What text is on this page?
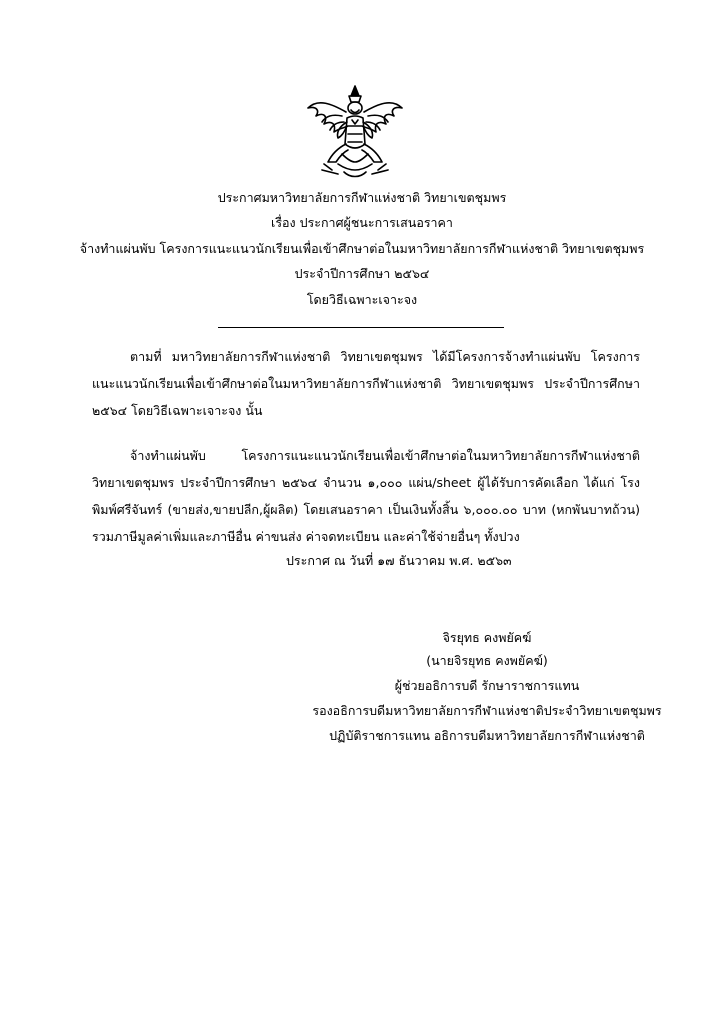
ประกาศมหาวิทยาลัยการกีฬาแห่งชาติ วิทยาเขตชุมพร
เรื่อง ประกาศผู้ชนะการเสนอราคา
จ้างทำแผ่นพับ โครงการแนะแนวนักเรียนเพื่อเข้าศึกษาต่อในมหาวิทยาลัยการกีฬาแห่งชาติ วิทยาเขตชุมพร
ประจำปีการศึกษา ๒๕๖๔
โดยวิธีเฉพาะเจาะจง

ตามที่ มหาวิทยาลัยการกีฬาแห่งชาติ วิทยาเขตชุมพร ได้มีโครงการจ้างทำแผ่นพับ โครงการแนะแนวนักเรียนเพื่อเข้าศึกษาต่อในมหาวิทยาลัยการกีฬาแห่งชาติ วิทยาเขตชุมพร ประจำปีการศึกษา ๒๕๖๔ โดยวิธีเฉพาะเจาะจง นั้น

จ้างทำแผ่นพับ โครงการแนะแนวนักเรียนเพื่อเข้าศึกษาต่อในมหาวิทยาลัยการกีฬาแห่งชาติ วิทยาเขตชุมพร ประจำปีการศึกษา ๒๕๖๔ จำนวน ๑,๐๐๐ แผ่น/sheet ผู้ได้รับการคัดเลือก ได้แก่ โรงพิมพ์ศรีจันทร์ (ขายส่ง,ขายปลีก,ผู้ผลิต) โดยเสนอราคา เป็นเงินทั้งสิ้น ๖,๐๐๐.๐๐ บาท (หกพันบาทถ้วน) รวมภาษีมูลค่าเพิ่มและภาษีอื่น ค่าขนส่ง ค่าจดทะเบียน และค่าใช้จ่ายอื่นๆ ทั้งปวง

ประกาศ ณ วันที่ ๑๗ ธันวาคม พ.ศ. ๒๕๖๓
จิรยุทธ คงพยัคฆ์
(นายจิรยุทธ คงพยัคฆ์)
ผู้ช่วยอธิการบดี รักษาราชการแทน
รองอธิการบดีมหาวิทยาลัยการกีฬาแห่งชาติประจำวิทยาเขตชุมพร
ปฏิบัติราชการแทน อธิการบดีมหาวิทยาลัยการกีฬาแห่งชาติ
